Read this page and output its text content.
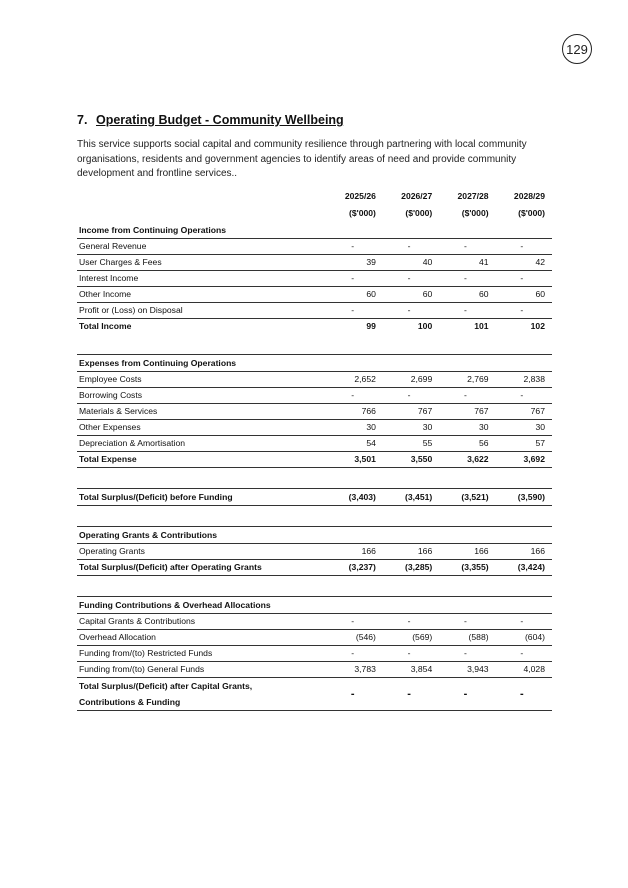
129
7. Operating Budget - Community Wellbeing

This service supports social capital and community resilience through partnering with local community organisations, residents and government agencies to identify areas of need and provide community development and frontline services..

	2025/26	2026/27	2027/28	2028/29
	($'000)	($'000)	($'000)	($'000)
Income from Continuing Operations				
General Revenue	-	-	-	-
User Charges & Fees	39	40	41	42
Interest Income	-	-	-	-
Other Income	60	60	60	60
Profit or (Loss) on Disposal	-	-	-	-
Total Income	99	100	101	102

Expenses from Continuing Operations				
Employee Costs	2,652	2,699	2,769	2,838
Borrowing Costs	-	-	-	-
Materials & Services	766	767	767	767
Other Expenses	30	30	30	30
Depreciation & Amortisation	54	55	56	57
Total Expense	3,501	3,550	3,622	3,692

Total Surplus/(Deficit) before Funding	(3,403)	(3,451)	(3,521)	(3,590)

Operating Grants & Contributions				
Operating Grants	166	166	166	166
Total Surplus/(Deficit) after Operating Grants	(3,237)	(3,285)	(3,355)	(3,424)

Funding Contributions & Overhead Allocations				
Capital Grants & Contributions	-	-	-	-
Overhead Allocation	(546)	(569)	(588)	(604)
Funding from/(to) Restricted Funds	-	-	-	-
Funding from/(to) General Funds	3,783	3,854	3,943	4,028
Total Surplus/(Deficit) after Capital Grants,
Contributions & Funding	-	-	-	-
